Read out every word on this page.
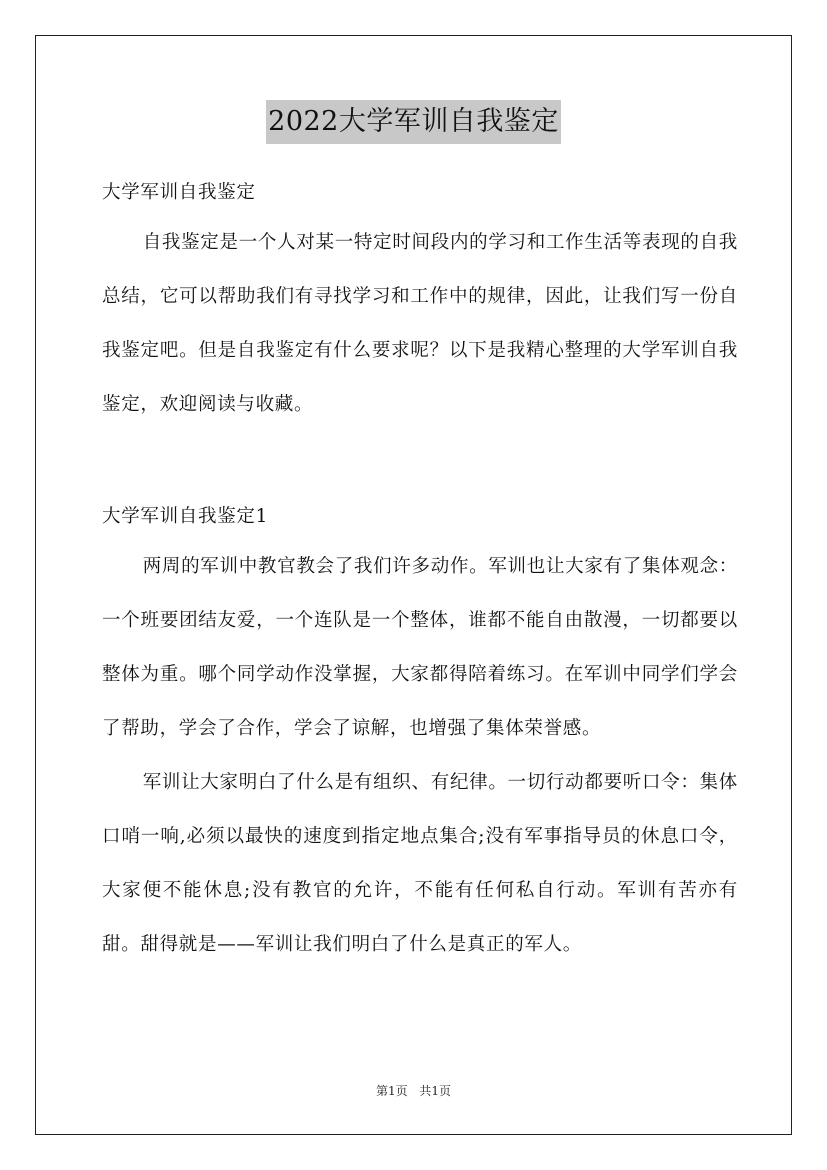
2022大学军训自我鉴定

大学军训自我鉴定

自我鉴定是一个人对某一特定时间段内的学习和工作生活等表现的自我总结，它可以帮助我们有寻找学习和工作中的规律，因此，让我们写一份自我鉴定吧。但是自我鉴定有什么要求呢？以下是我精心整理的大学军训自我鉴定，欢迎阅读与收藏。

大学军训自我鉴定1

两周的军训中教官教会了我们许多动作。军训也让大家有了集体观念：一个班要团结友爱，一个连队是一个整体，谁都不能自由散漫，一切都要以整体为重。哪个同学动作没掌握，大家都得陪着练习。在军训中同学们学会了帮助，学会了合作，学会了谅解，也增强了集体荣誉感。

军训让大家明白了什么是有组织、有纪律。一切行动都要听口令：集体口哨一响,必须以最快的速度到指定地点集合;没有军事指导员的休息口令，大家便不能休息;没有教官的允许，不能有任何私自行动。军训有苦亦有甜。甜得就是——军训让我们明白了什么是真正的军人。

第1页 共1页
